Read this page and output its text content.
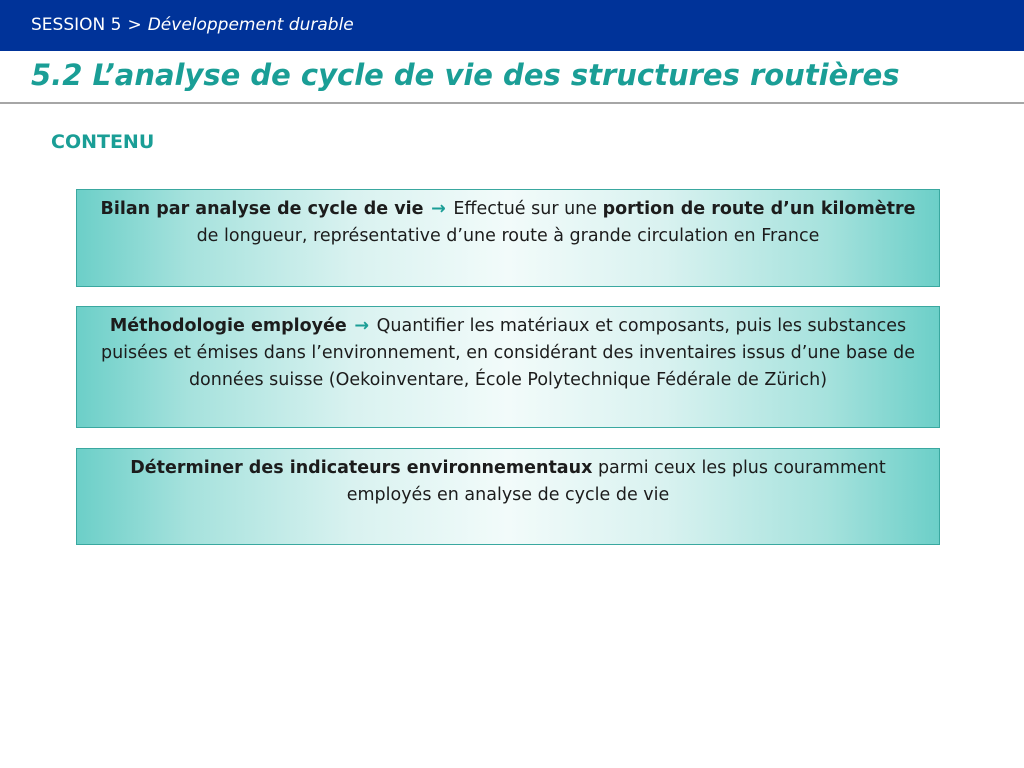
SESSION 5 > Développement durable
5.2 L’analyse de cycle de vie des structures routières
CONTENU
Bilan par analyse de cycle de vie → Effectué sur une portion de route d’un kilomètre de longueur, représentative d’une route à grande circulation en France
Méthodologie employée → Quantifier les matériaux et composants, puis les substances puisées et émises dans l’environnement, en considérant des inventaires issus d’une base de données suisse (Oekoinventare, École Polytechnique Fédérale de Zürich)
Déterminer des indicateurs environnementaux parmi ceux les plus couramment employés en analyse de cycle de vie
